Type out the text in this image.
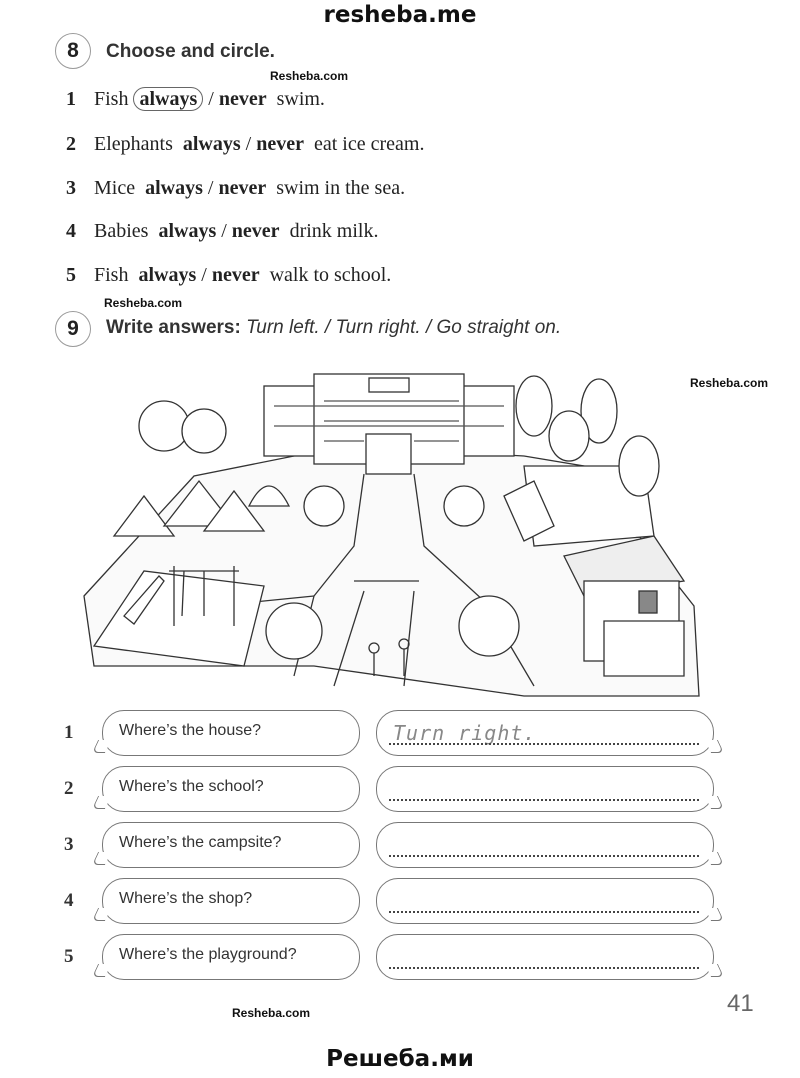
resheba.me
8	Choose and circle.
Resheba.com
1 Fish always / never  swim.
2 Elephants  always / never  eat ice cream.
3 Mice  always / never  swim in the sea.
4 Babies  always / never  drink milk.
5 Fish  always / never  walk to school.
Resheba.com
9	Write answers: Turn left. / Turn right. / Go straight on.
Resheba.com
1	Where’s the house?	Turn right.
2	Where’s the school?
3	Where’s the campsite?
4	Where’s the shop?
5	Where’s the playground?
Resheba.com	41
Решеба.ми
